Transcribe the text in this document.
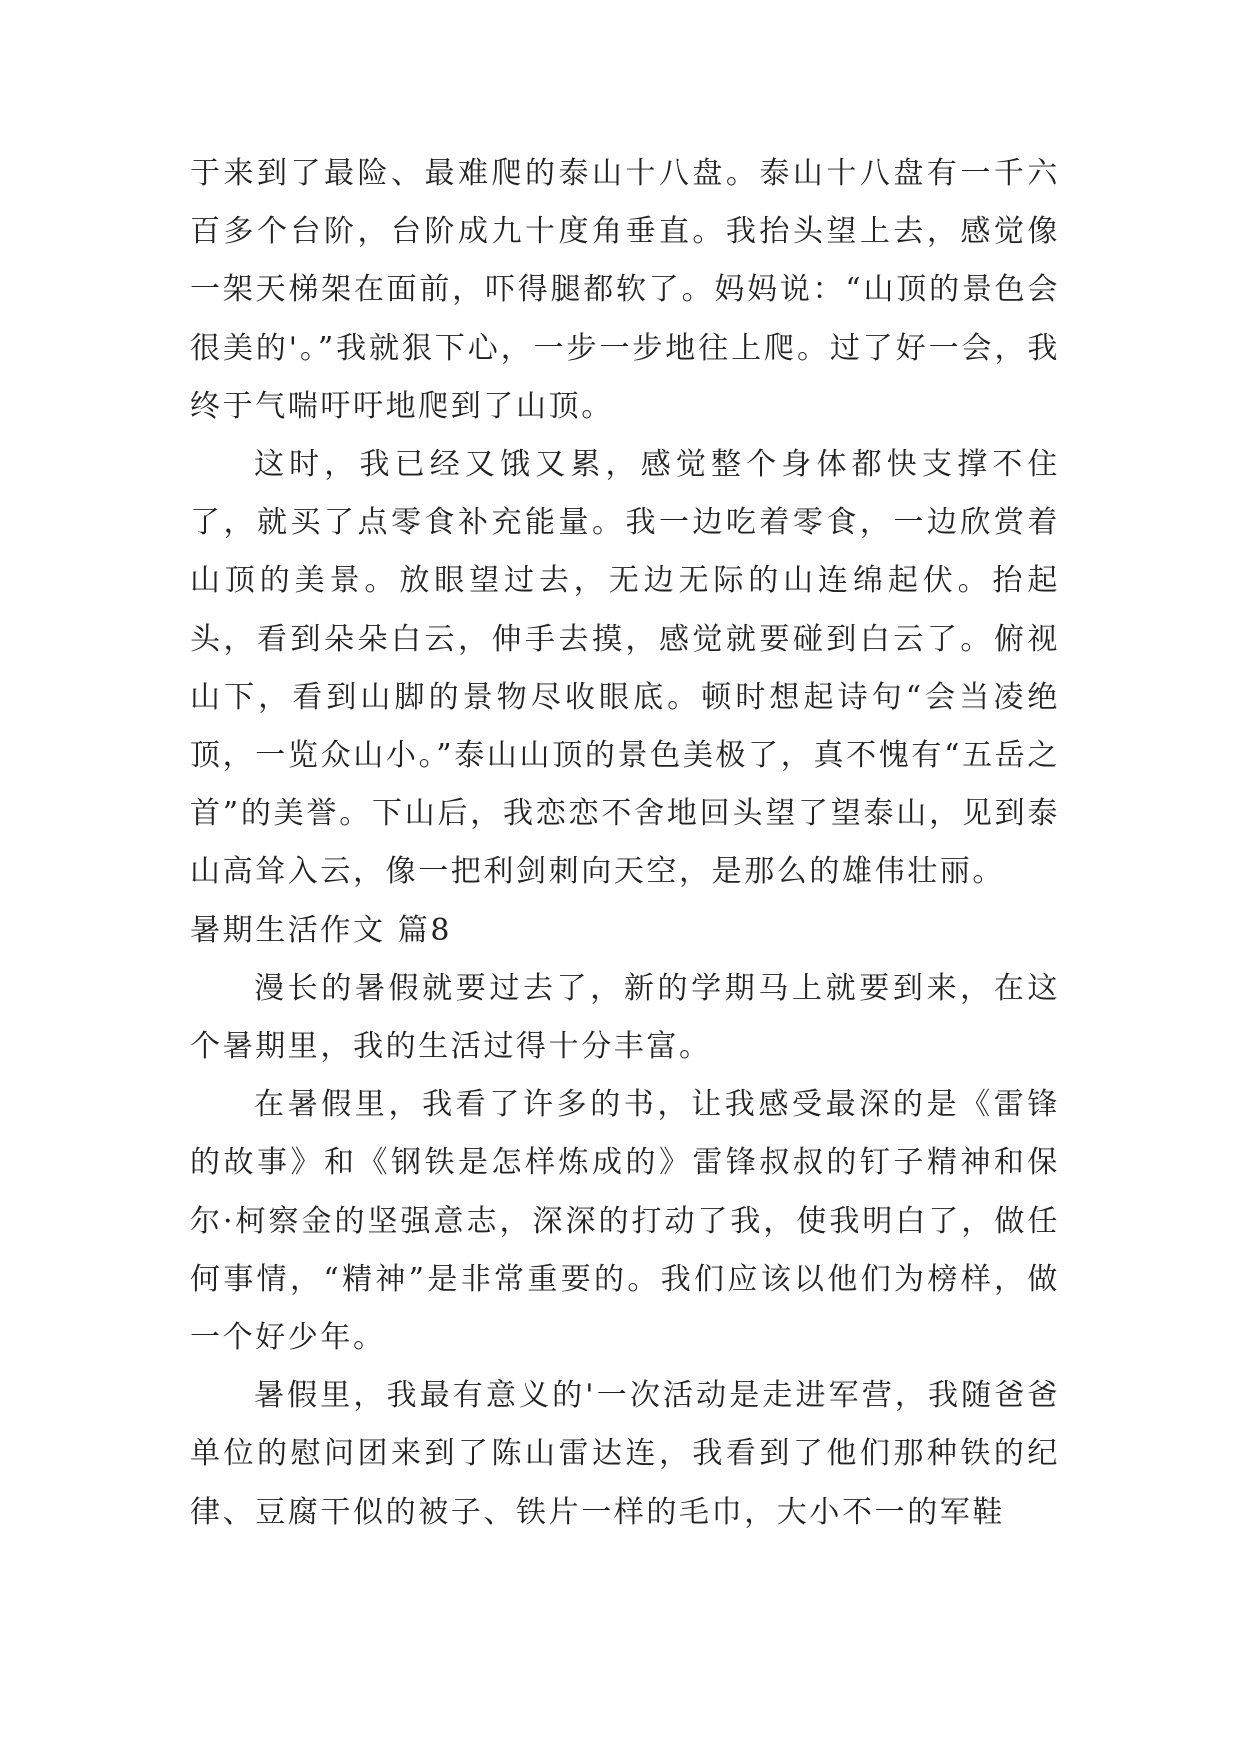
于来到了最险、最难爬的泰山十八盘。泰山十八盘有一千六百多个台阶，台阶成九十度角垂直。我抬头望上去，感觉像一架天梯架在面前，吓得腿都软了。妈妈说：“山顶的景色会很美的'。”我就狠下心，一步一步地往上爬。过了好一会，我终于气喘吁吁地爬到了山顶。

这时，我已经又饿又累，感觉整个身体都快支撑不住了，就买了点零食补充能量。我一边吃着零食，一边欣赏着山顶的美景。放眼望过去，无边无际的山连绵起伏。抬起头，看到朵朵白云，伸手去摸，感觉就要碰到白云了。俯视山下，看到山脚的景物尽收眼底。顿时想起诗句“会当凌绝顶，一览众山小。”泰山山顶的景色美极了，真不愧有“五岳之首”的美誉。下山后，我恋恋不舍地回头望了望泰山，见到泰山高耸入云，像一把利剑刺向天空，是那么的雄伟壮丽。

暑期生活作文 篇8

漫长的暑假就要过去了，新的学期马上就要到来，在这个暑期里，我的生活过得十分丰富。

在暑假里，我看了许多的书，让我感受最深的是《雷锋的故事》和《钢铁是怎样炼成的》雷锋叔叔的钉子精神和保尔·柯察金的坚强意志，深深的打动了我，使我明白了，做任何事情，“精神”是非常重要的。我们应该以他们为榜样，做一个好少年。

暑假里，我最有意义的'一次活动是走进军营，我随爸爸单位的慰问团来到了陈山雷达连，我看到了他们那种铁的纪律、豆腐干似的被子、铁片一样的毛巾，大小不一的军鞋
